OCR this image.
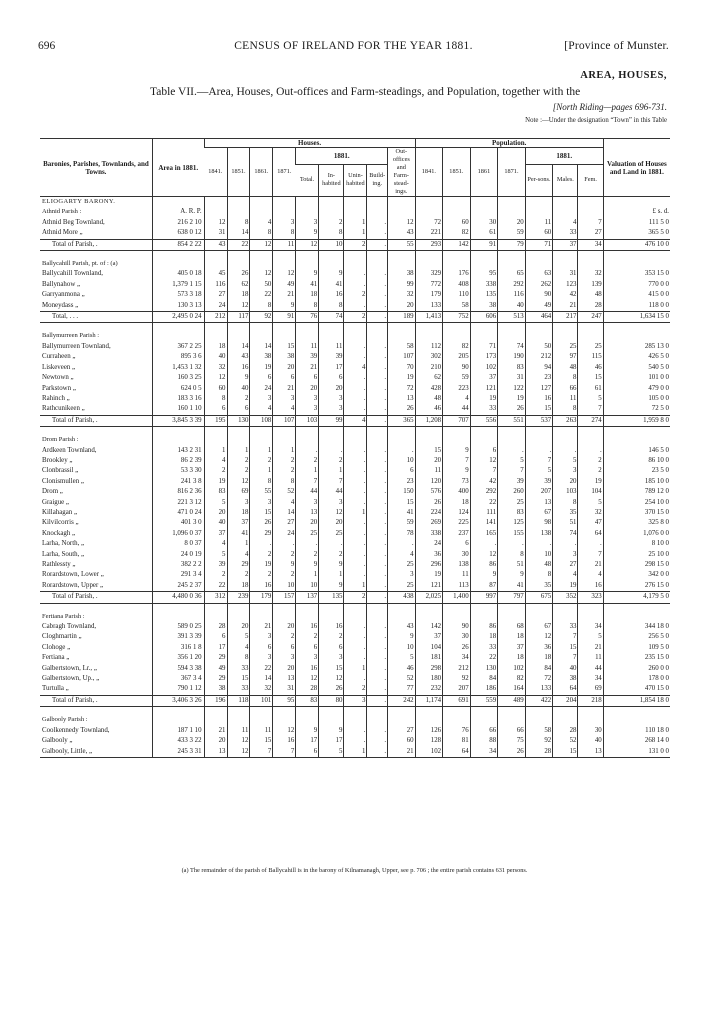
696	CENSUS OF IRELAND FOR THE YEAR 1881.	[Province of Munster.
AREA, HOUSES,
Table VII.—Area, Houses, Out-offices and Farm-steadings, and Population, together with the
[North Riding—pages 696-731.
Note :—Under the designation “Town” in this Table
Baronies, Parishes, Townlands, and Towns.	Area in 1881.	Houses.									Population.							Valuation of Houses and Land in 1881.
		1841.	1851.	1861.	1871.	1881.				Out-offices and Farm-stead-ings.	1841.	1851.	1861	1871.	1881.			
						Total.	In-habited	Unin-habited	Build-ing.						Per-sons.	Males.	Fem.	
ELIOGARTY BARONY.																		
Athnid Parish :	A. R. P.																	£ s. d.
Athnid Beg Townland,	216 2 10	12	8	4	3	3	2	1	.	12	72	60	30	20	11	4	7	111 5 0
Athnid More „	638 0 12	31	14	8	8	9	8	1	.	43	221	82	61	59	60	33	27	365 5 0
Total of Parish, .	854 2 22	43	22	12	11	12	10	2	.	55	293	142	91	79	71	37	34	476 10 0

Ballycahill Parish, pt. of : (a)																		
Ballycahill Townland,	405 0 18	45	26	12	12	9	9	.	.	38	329	176	95	65	63	31	32	353 15 0
Ballynahow „	1,379 1 15	116	62	50	49	41	41	.	.	99	772	408	338	292	262	123	139	770 0 0
Garryanmona „	573 3 18	27	18	22	21	18	16	2	.	32	179	110	135	116	90	42	48	415 0 0
Moneydass „	130 3 13	24	12	8	9	8	8	.	.	20	133	58	38	40	49	21	28	118 0 0
Total, . . .	2,495 0 24	212	117	92	91	76	74	2	.	189	1,413	752	606	513	464	217	247	1,634 15 0

Ballymurreen Parish :																		
Ballymurreen Townland,	367 2 25	18	14	14	15	11	11	.	.	58	112	82	71	74	50	25	25	285 13 0
Curraheen „	895 3 6	40	43	38	38	39	39	.	.	107	302	205	173	190	212	97	115	426 5 0
Liskeveen „	1,453 1 32	32	16	19	20	21	17	4	.	70	210	90	102	83	94	48	46	540 5 0
Newtown „	160 3 25	12	9	6	6	6	6	.	.	19	62	59	37	31	23	8	15	101 0 0
Parkstown „	624 0 5	60	40	24	21	20	20	.	.	72	428	223	121	122	127	66	61	479 0 0
Rahinch „	183 3 16	8	2	3	3	3	3	.	.	13	48	4	19	19	16	11	5	105 0 0
Rathcunikeen „	160 1 10	6	6	4	4	3	3	.	.	26	46	44	33	26	15	8	7	72 5 0
Total of Parish, .	3,845 3 39	195	130	108	107	103	99	4	.	365	1,208	707	556	551	537	263	274	1,959 8 0

Drom Parish :																		
Ardkeen Townland,	143 2 31	1	1	1	1	.	.	.	.	.	15	9	6	.	.	.	.	146 5 0
Brookley „	86 2 39	4	2	2	2	2	2	.	.	10	20	7	12	5	7	5	2	86 10 0
Clonbrassil „	53 3 30	2	2	1	2	1	1	.	.	6	11	9	7	7	5	3	2	23 5 0
Clonismullen „	241 3 8	19	12	8	8	7	7	.	.	23	120	73	42	39	39	20	19	185 10 0
Drom „	816 2 36	83	69	55	52	44	44	.	.	150	576	400	292	260	207	103	104	789 12 0
Graigue „	221 3 12	5	3	3	4	3	3	.	.	15	26	18	22	25	13	8	5	254 10 0
Killahagan „	471 0 24	20	18	15	14	13	12	1	.	41	224	124	111	83	67	35	32	370 15 0
Kilvilcorris „	401 3 0	40	37	26	27	20	20	.	.	59	269	225	141	125	98	51	47	325 8 0
Knockagh „	1,096 0 37	37	41	29	24	25	25	.	.	78	338	237	165	155	138	74	64	1,076 0 0
Larha, North, „	8 0 37	4	1	.	.	.	.	.	.	.	24	6	.	.	.	.	.	8 10 0
Larha, South, „	24 0 19	5	4	2	2	2	2	.	.	4	36	30	12	8	10	3	7	25 10 0
Rathlessty „	382 2 2	39	29	19	9	9	9	.	.	25	296	138	86	51	48	27	21	298 15 0
Rorardstown, Lower „	291 3 4	2	2	2	2	1	1	.	.	3	19	11	9	9	8	4	4	342 0 0
Rorardstown, Upper „	245 2 37	22	18	16	10	10	9	1	.	25	121	113	87	41	35	19	16	276 15 0
Total of Parish, .	4,480 0 36	312	239	179	157	137	135	2	.	438	2,025	1,400	997	797	675	352	323	4,179 5 0

Fertiana Parish :																		
Cabragh Townland,	589 0 25	28	20	21	20	16	16	.	.	43	142	90	86	68	67	33	34	344 18 0
Cloghmartin „	391 3 39	6	5	3	2	2	2	.	.	9	37	30	18	18	12	7	5	256 5 0
Clohoge „	316 1 8	17	4	6	6	6	6	.	.	10	104	26	33	37	36	15	21	109 5 0
Fertiana „	356 1 20	29	8	3	3	3	3	.	.	5	181	34	22	18	18	7	11	235 15 0
Galbertstown, Lr., „	594 3 38	49	33	22	20	16	15	1	.	46	298	212	130	102	84	40	44	260 0 0
Galbertstown, Up., „	367 3 4	29	15	14	13	12	12	.	.	52	180	92	84	82	72	38	34	178 0 0
Turtulla „	790 1 12	38	33	32	31	28	26	2	.	77	232	207	186	164	133	64	69	470 15 0
Total of Parish, .	3,406 3 26	196	118	101	95	83	80	3	.	242	1,174	691	559	489	422	204	218	1,854 18 0

Galbooly Parish :																		
Coolkennedy Townland,	187 1 10	21	11	11	12	9	9	.	.	27	126	76	66	66	58	28	30	110 18 0
Galbooly „	433 3 22	20	12	15	16	17	17	.	.	60	128	81	88	75	92	52	40	268 14 0
Galbooly, Little, „	245 3 31	13	12	7	7	6	5	1	.	21	102	64	34	26	28	15	13	131 0 0
(a) The remainder of the parish of Ballycahill is in the barony of Kilnamanagh, Upper, see p. 706 ; the entire parish contains 631 persons.
